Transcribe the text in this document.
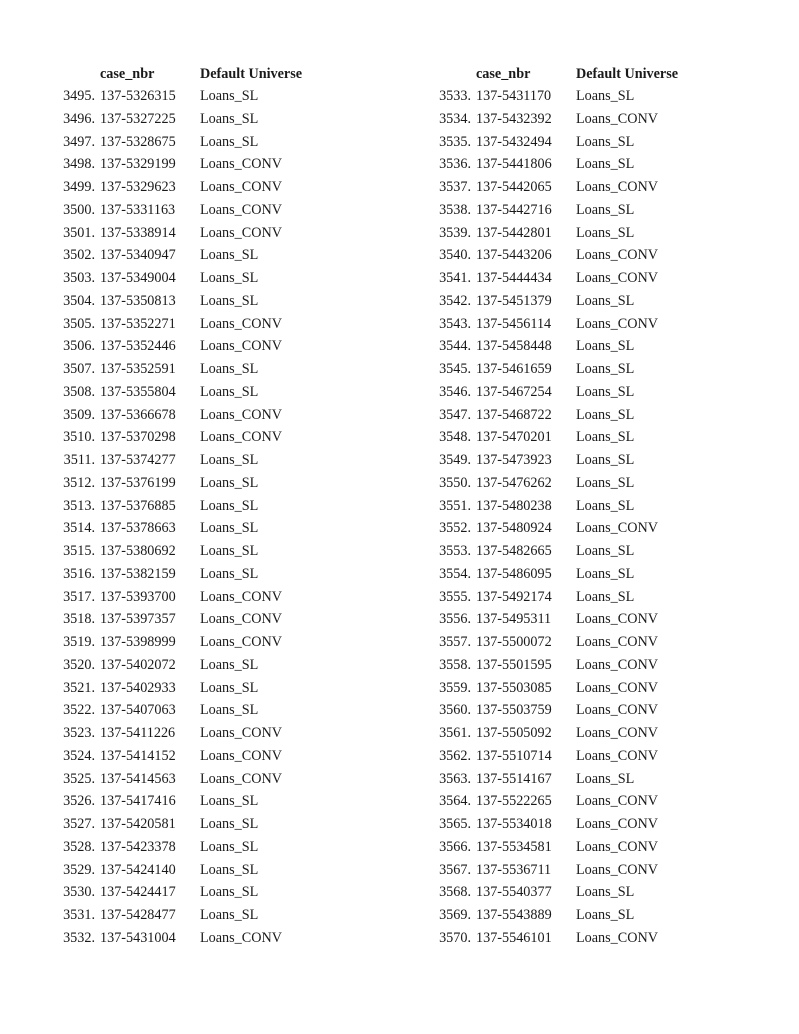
case_nbr	Default Universe
3495. 137-5326315	Loans_SL
3496. 137-5327225	Loans_SL
3497. 137-5328675	Loans_SL
3498. 137-5329199	Loans_CONV
3499. 137-5329623	Loans_CONV
3500. 137-5331163	Loans_CONV
3501. 137-5338914	Loans_CONV
3502. 137-5340947	Loans_SL
3503. 137-5349004	Loans_SL
3504. 137-5350813	Loans_SL
3505. 137-5352271	Loans_CONV
3506. 137-5352446	Loans_CONV
3507. 137-5352591	Loans_SL
3508. 137-5355804	Loans_SL
3509. 137-5366678	Loans_CONV
3510. 137-5370298	Loans_CONV
3511. 137-5374277	Loans_SL
3512. 137-5376199	Loans_SL
3513. 137-5376885	Loans_SL
3514. 137-5378663	Loans_SL
3515. 137-5380692	Loans_SL
3516. 137-5382159	Loans_SL
3517. 137-5393700	Loans_CONV
3518. 137-5397357	Loans_CONV
3519. 137-5398999	Loans_CONV
3520. 137-5402072	Loans_SL
3521. 137-5402933	Loans_SL
3522. 137-5407063	Loans_SL
3523. 137-5411226	Loans_CONV
3524. 137-5414152	Loans_CONV
3525. 137-5414563	Loans_CONV
3526. 137-5417416	Loans_SL
3527. 137-5420581	Loans_SL
3528. 137-5423378	Loans_SL
3529. 137-5424140	Loans_SL
3530. 137-5424417	Loans_SL
3531. 137-5428477	Loans_SL
3532. 137-5431004	Loans_CONV
case_nbr	Default Universe
3533. 137-5431170	Loans_SL
3534. 137-5432392	Loans_CONV
3535. 137-5432494	Loans_SL
3536. 137-5441806	Loans_SL
3537. 137-5442065	Loans_CONV
3538. 137-5442716	Loans_SL
3539. 137-5442801	Loans_SL
3540. 137-5443206	Loans_CONV
3541. 137-5444434	Loans_CONV
3542. 137-5451379	Loans_SL
3543. 137-5456114	Loans_CONV
3544. 137-5458448	Loans_SL
3545. 137-5461659	Loans_SL
3546. 137-5467254	Loans_SL
3547. 137-5468722	Loans_SL
3548. 137-5470201	Loans_SL
3549. 137-5473923	Loans_SL
3550. 137-5476262	Loans_SL
3551. 137-5480238	Loans_SL
3552. 137-5480924	Loans_CONV
3553. 137-5482665	Loans_SL
3554. 137-5486095	Loans_SL
3555. 137-5492174	Loans_SL
3556. 137-5495311	Loans_CONV
3557. 137-5500072	Loans_CONV
3558. 137-5501595	Loans_CONV
3559. 137-5503085	Loans_CONV
3560. 137-5503759	Loans_CONV
3561. 137-5505092	Loans_CONV
3562. 137-5510714	Loans_CONV
3563. 137-5514167	Loans_SL
3564. 137-5522265	Loans_CONV
3565. 137-5534018	Loans_CONV
3566. 137-5534581	Loans_CONV
3567. 137-5536711	Loans_CONV
3568. 137-5540377	Loans_SL
3569. 137-5543889	Loans_SL
3570. 137-5546101	Loans_CONV
